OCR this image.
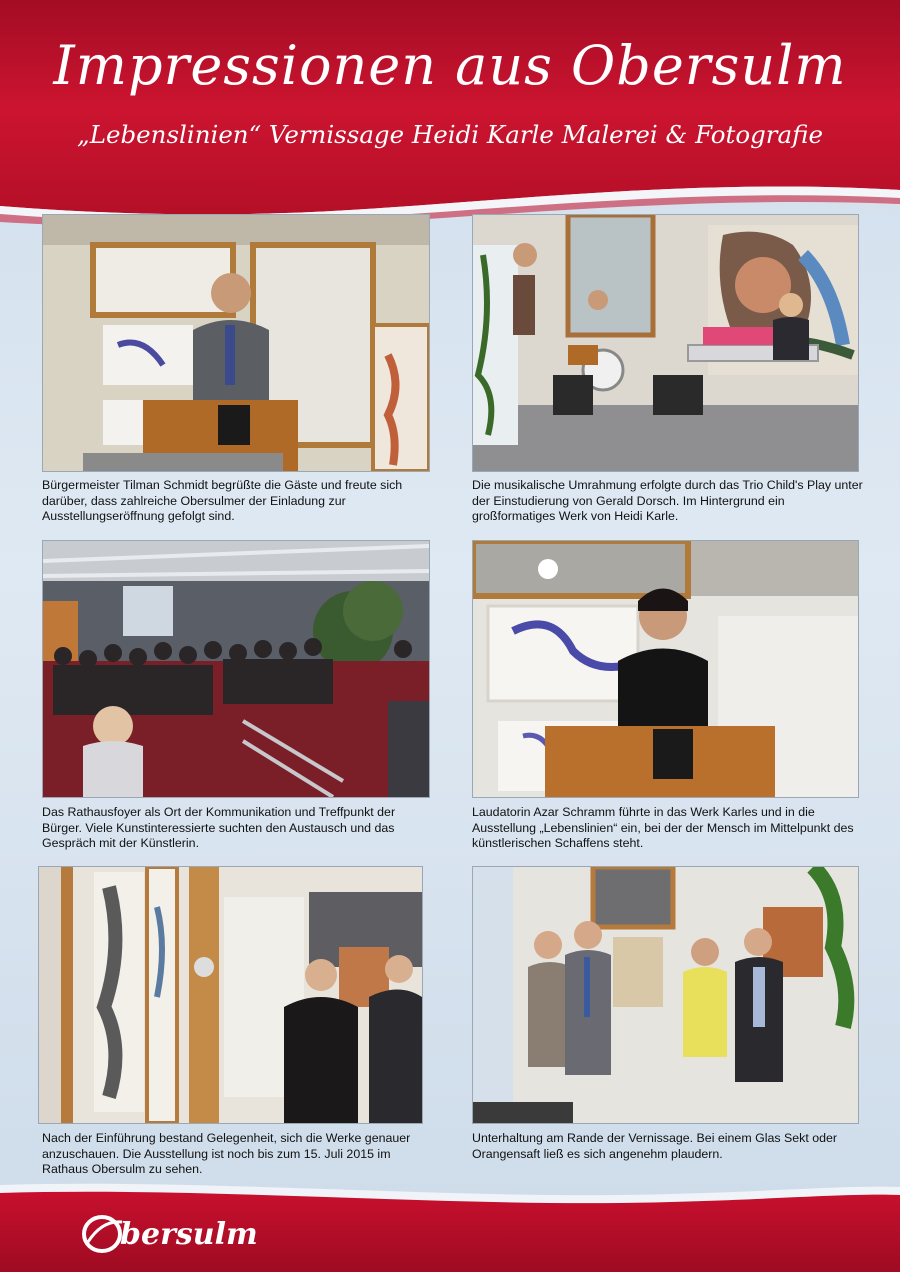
Impressionen aus Obersulm
„Lebenslinien“ Vernissage Heidi Karle Malerei & Fotografie

Bürgermeister Tilman Schmidt begrüßte die Gäste und freute sich darüber, dass zahlreiche Obersulmer der Einladung zur Ausstellungseröffnung gefolgt sind.

Die musikalische Umrahmung erfolgte durch das Trio Child's Play unter der Einstudierung von Gerald Dorsch. Im Hintergrund ein großformatiges Werk von Heidi Karle.

Das Rathausfoyer als Ort der Kommunikation und Treffpunkt der Bürger. Viele Kunstinteressierte suchten den Austausch und das Gespräch mit der Künstlerin.

Laudatorin Azar Schramm führte in das Werk Karles und in die Ausstellung „Lebenslinien“ ein, bei der der Mensch im Mittelpunkt des künstlerischen Schaffens steht.

Nach der Einführung bestand Gelegenheit, sich die Werke genauer anzuschauen. Die Ausstellung ist noch bis zum 15. Juli 2015 im Rathaus Obersulm zu sehen.

Unterhaltung am Rande der Vernissage. Bei einem Glas Sekt oder Orangensaft ließ es sich angenehm plaudern.

bersulm
